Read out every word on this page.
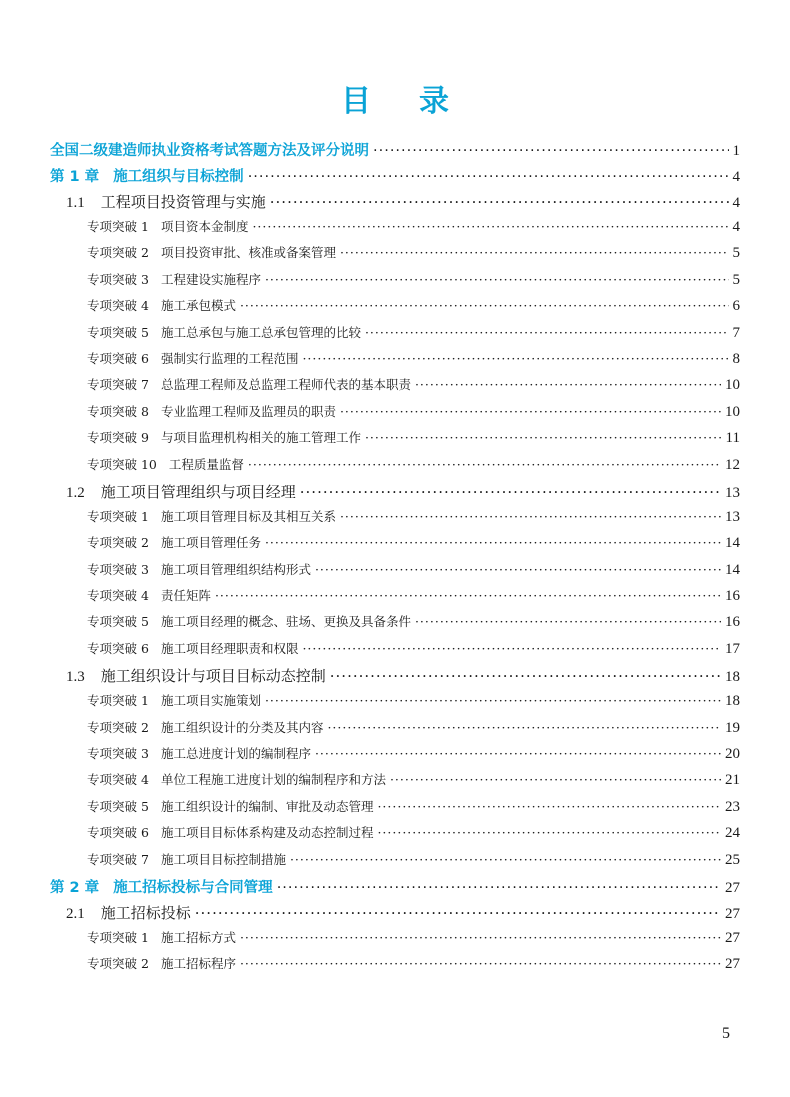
目录
全国二级建造师执业资格考试答题方法及评分说明 ·····	1
第 1 章 施工组织与目标控制 ·····	4
1.1 工程项目投资管理与实施 ·····	4
专项突破 1 项目资本金制度 ·····	4
专项突破 2 项目投资审批、核准或备案管理 ·····	5
专项突破 3 工程建设实施程序 ·····	5
专项突破 4 施工承包模式 ·····	6
专项突破 5 施工总承包与施工总承包管理的比较 ·····	7
专项突破 6 强制实行监理的工程范围 ·····	8
专项突破 7 总监理工程师及总监理工程师代表的基本职责 ·····	10
专项突破 8 专业监理工程师及监理员的职责 ·····	10
专项突破 9 与项目监理机构相关的施工管理工作 ·····	11
专项突破 10 工程质量监督 ·····	12
1.2 施工项目管理组织与项目经理 ·····	13
专项突破 1 施工项目管理目标及其相互关系 ·····	13
专项突破 2 施工项目管理任务 ·····	14
专项突破 3 施工项目管理组织结构形式 ·····	14
专项突破 4 责任矩阵 ·····	16
专项突破 5 施工项目经理的概念、驻场、更换及具备条件 ·····	16
专项突破 6 施工项目经理职责和权限 ·····	17
1.3 施工组织设计与项目目标动态控制 ·····	18
专项突破 1 施工项目实施策划 ·····	18
专项突破 2 施工组织设计的分类及其内容 ·····	19
专项突破 3 施工总进度计划的编制程序 ·····	20
专项突破 4 单位工程施工进度计划的编制程序和方法 ·····	21
专项突破 5 施工组织设计的编制、审批及动态管理 ·····	23
专项突破 6 施工项目目标体系构建及动态控制过程 ·····	24
专项突破 7 施工项目目标控制措施 ·····	25
第 2 章 施工招标投标与合同管理 ·····	27
2.1 施工招标投标 ·····	27
专项突破 1 施工招标方式 ·····	27
专项突破 2 施工招标程序 ·····	27
5
